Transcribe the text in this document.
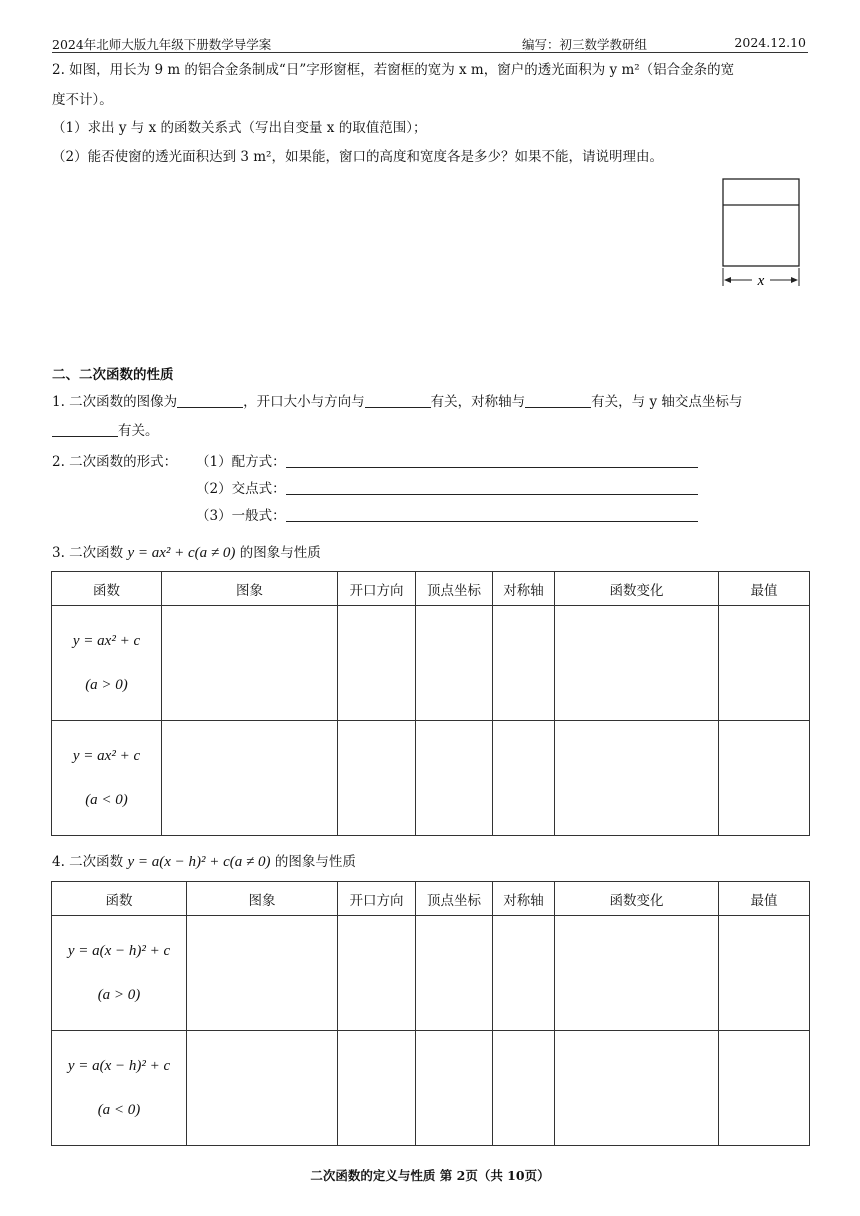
2024年北师大版九年级下册数学导学案	编写：初三数学教研组	2024.12.10
2. 如图，用长为 9 m 的铝合金条制成“日”字形窗框，若窗框的宽为 x m，窗户的透光面积为 y m²（铝合金条的宽
度不计）。
（1）求出 y 与 x 的函数关系式（写出自变量 x 的取值范围）；
（2）能否使窗的透光面积达到 3 m²，如果能，窗口的高度和宽度各是多少？如果不能，请说明理由。
x
二、二次函数的性质
1. 二次函数的图像为	，开口大小与方向与	有关，对称轴与	有关，与 y 轴交点坐标与
有关。
2. 二次函数的形式： （1）配方式：
（2）交点式：
（3）一般式：
3. 二次函数 y = ax² + c(a ≠ 0) 的图象与性质
函数	图象	开口方向	顶点坐标	对称轴	函数变化	最值

y = ax² + c
(a > 0)						

y = ax² + c
(a < 0)						

4. 二次函数 y = a(x − h)² + c(a ≠ 0) 的图象与性质
函数	图象	开口方向	顶点坐标	对称轴	函数变化	最值

y = a(x − h)² + c
(a > 0)						

y = a(x − h)² + c
(a < 0)						

二次函数的定义与性质 第 2页（共 10页）
